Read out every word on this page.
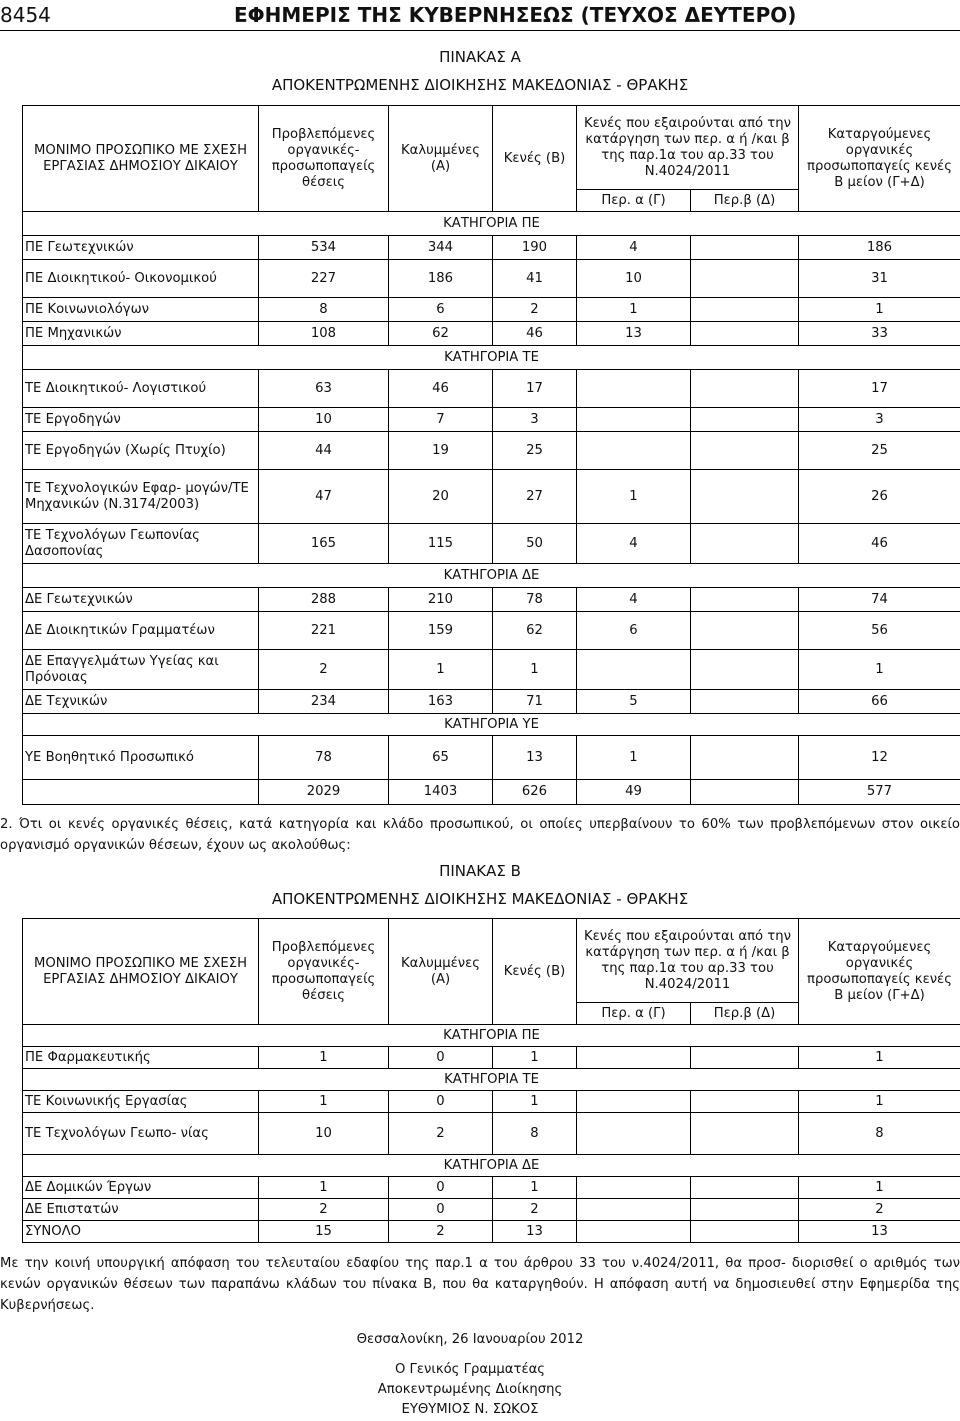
8454	ΕΦΗΜΕΡΙΣ ΤΗΣ ΚΥΒΕΡΝΗΣΕΩΣ (ΤΕΥΧΟΣ ΔΕΥΤΕΡΟ)
ΠΙΝΑΚΑΣ Α
ΑΠΟΚΕΝΤΡΩΜΕΝΗΣ ΔΙΟΙΚΗΣΗΣ ΜΑΚΕΔΟΝΙΑΣ - ΘΡΑΚΗΣ
ΜΟΝΙΜΟ ΠΡΟΣΩΠΙΚΟ ΜΕ ΣΧΕΣΗ ΕΡΓΑΣΙΑΣ ΔΗΜΟΣΙΟΥ ΔΙΚΑΙΟΥ	Προβλεπόμενες οργανικές- προσωποπαγείς θέσεις	Καλυμμένες (Α)	Κενές (Β)	Κενές που εξαιρούνται από την κατάργηση των περ. α ή /και β της παρ.1α του αρ.33 του Ν.4024/2011		Καταργούμενες οργανικές προσωποπαγείς κενές Β μείον (Γ+Δ)
				Περ. α (Γ)	Περ.β (Δ)	
ΚΑΤΗΓΟΡΙΑ ΠΕ						
ΠΕ Γεωτεχνικών	534	344	190	4		186
ΠΕ Διοικητικού- Οικονομικού	227	186	41	10		31
ΠΕ Κοινωνιολόγων	8	6	2	1		1
ΠΕ Μηχανικών	108	62	46	13		33
ΚΑΤΗΓΟΡΙΑ ΤΕ						
ΤΕ Διοικητικού- Λογιστικού	63	46	17			17
ΤΕ Εργοδηγών	10	7	3			3
ΤΕ Εργοδηγών (Χωρίς Πτυχίο)	44	19	25			25
ΤΕ Τεχνολογικών Εφαρ- μογών/ΤΕ Μηχανικών (Ν.3174/2003)	47	20	27	1		26
ΤΕ Τεχνολόγων Γεωπονίας Δασοπονίας	165	115	50	4		46
ΚΑΤΗΓΟΡΙΑ ΔΕ						
ΔΕ Γεωτεχνικών	288	210	78	4		74
ΔΕ Διοικητικών Γραμματέων	221	159	62	6		56
ΔΕ Επαγγελμάτων Υγείας και Πρόνοιας	2	1	1			1
ΔΕ Τεχνικών	234	163	71	5		66
ΚΑΤΗΓΟΡΙΑ ΥΕ						
ΥΕ Βοηθητικό Προσωπικό	78	65	13	1		12
	2029	1403	626	49		577
2. Ότι οι κενές οργανικές θέσεις, κατά κατηγορία και κλάδο προσωπικού, οι οποίες υπερβαίνουν το 60% των προβλεπόμενων στον οικείο οργανισμό οργανικών θέσεων, έχουν ως ακολούθως:
ΠΙΝΑΚΑΣ Β
ΑΠΟΚΕΝΤΡΩΜΕΝΗΣ ΔΙΟΙΚΗΣΗΣ ΜΑΚΕΔΟΝΙΑΣ - ΘΡΑΚΗΣ
ΜΟΝΙΜΟ ΠΡΟΣΩΠΙΚΟ ΜΕ ΣΧΕΣΗ ΕΡΓΑΣΙΑΣ ΔΗΜΟΣΙΟΥ ΔΙΚΑΙΟΥ	Προβλεπόμενες οργανικές- προσωποπαγείς θέσεις	Καλυμμένες (Α)	Κενές (Β)	Κενές που εξαιρούνται από την κατάργηση των περ. α ή /και β της παρ.1α του αρ.33 του Ν.4024/2011		Καταργούμενες οργανικές προσωποπαγείς κενές Β μείον (Γ+Δ)
				Περ. α (Γ)	Περ.β (Δ)	
ΚΑΤΗΓΟΡΙΑ ΠΕ						
ΠΕ Φαρμακευτικής	1	0	1			1
ΚΑΤΗΓΟΡΙΑ ΤΕ						
ΤΕ Κοινωνικής Εργασίας	1	0	1			1
ΤΕ Τεχνολόγων Γεωπο- νίας	10	2	8			8
ΚΑΤΗΓΟΡΙΑ ΔΕ						
ΔΕ Δομικών Έργων	1	0	1			1
ΔΕ Επιστατών	2	0	2			2
ΣΥΝΟΛΟ	15	2	13			13
Με την κοινή υπουργική απόφαση του τελευταίου εδαφίου της παρ.1 α του άρθρου 33 του ν.4024/2011, θα προσ- διορισθεί ο αριθμός των κενών οργανικών θέσεων των παραπάνω κλάδων του πίνακα Β, που θα καταργηθούν. Η απόφαση αυτή να δημοσιευθεί στην Εφημερίδα της Κυβερνήσεως.
Θεσσαλονίκη, 26 Ιανουαρίου 2012
Ο Γενικός Γραμματέας
Αποκεντρωμένης Διοίκησης
ΕΥΘΥΜΙΟΣ Ν. ΣΩΚΟΣ
